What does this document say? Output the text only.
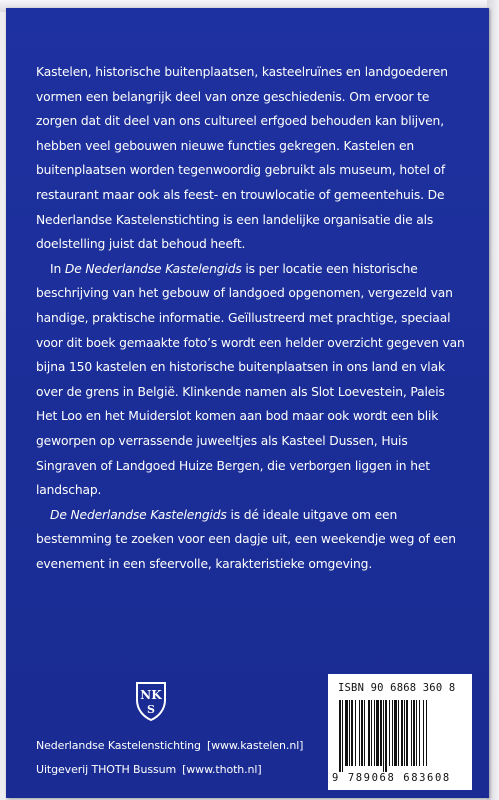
Kastelen, historische buitenplaatsen, kasteelruïnes en landgoederen vormen een belangrijk deel van onze geschiedenis. Om ervoor te zorgen dat dit deel van ons cultureel erfgoed behouden kan blijven, hebben veel gebouwen nieuwe functies gekregen. Kastelen en buitenplaatsen worden tegenwoordig gebruikt als museum, hotel of restaurant maar ook als feest- en trouwlocatie of gemeentehuis. De Nederlandse Kastelenstichting is een landelijke organisatie die als doelstelling juist dat behoud heeft.

In De Nederlandse Kastelengids is per locatie een historische beschrijving van het gebouw of landgoed opgenomen, vergezeld van handige, praktische informatie. Geïllustreerd met prachtige, speciaal voor dit boek gemaakte foto’s wordt een helder overzicht gegeven van bijna 150 kastelen en historische buitenplaatsen in ons land en vlak over de grens in België. Klinkende namen als Slot Loevestein, Paleis Het Loo en het Muiderslot komen aan bod maar ook wordt een blik geworpen op verrassende juweeltjes als Kasteel Dussen, Huis Singraven of Landgoed Huize Bergen, die verborgen liggen in het landschap.

De Nederlandse Kastelengids is dé ideale uitgave om een bestemming te zoeken voor een dagje uit, een weekendje weg of een evenement in een sfeervolle, karakteristieke omgeving.

NK
S
Nederlandse Kastelenstichting [www.kastelen.nl]
Uitgeverij THOTH Bussum [www.thoth.nl]
ISBN 90 6868 360 8
9 789068 683608
